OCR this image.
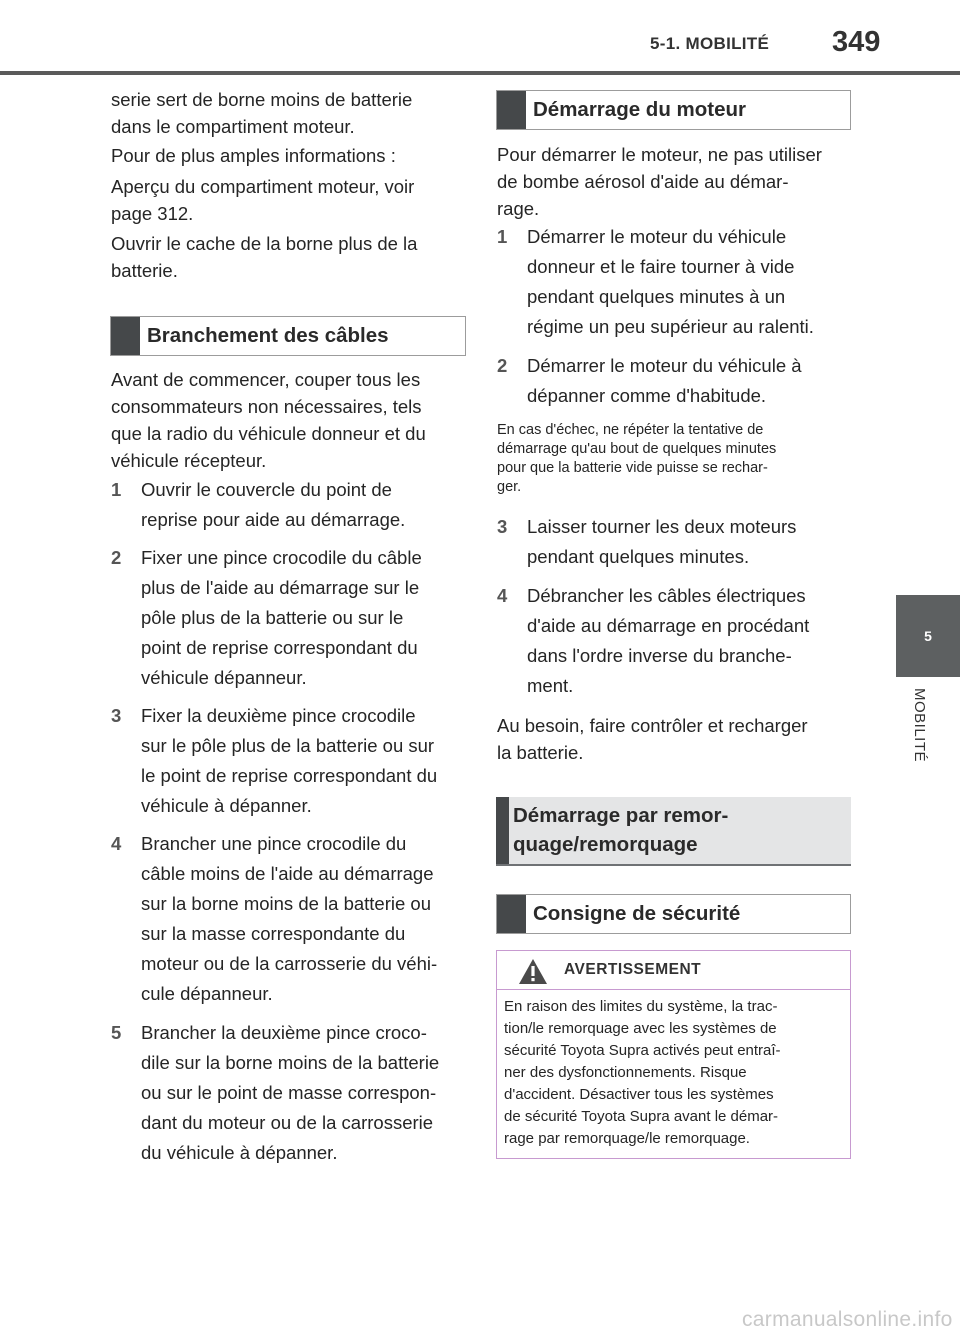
5-1. MOBILITÉ 349
5
MOBILITÉ
serie sert de borne moins de batterie
dans le compartiment moteur.
Pour de plus amples informations :
Aperçu du compartiment moteur, voir
page 312.
Ouvrir le cache de la borne plus de la
batterie.
Branchement des câbles
Avant de commencer, couper tous les
consommateurs non nécessaires, tels
que la radio du véhicule donneur et du
véhicule récepteur.
1 Ouvrir le couvercle du point de
reprise pour aide au démarrage.
2 Fixer une pince crocodile du câble
plus de l'aide au démarrage sur le
pôle plus de la batterie ou sur le
point de reprise correspondant du
véhicule dépanneur.
3 Fixer la deuxième pince crocodile
sur le pôle plus de la batterie ou sur
le point de reprise correspondant du
véhicule à dépanner.
4 Brancher une pince crocodile du
câble moins de l'aide au démarrage
sur la borne moins de la batterie ou
sur la masse correspondante du
moteur ou de la carrosserie du véhi-
cule dépanneur.
5 Brancher la deuxième pince croco-
dile sur la borne moins de la batterie
ou sur le point de masse correspon-
dant du moteur ou de la carrosserie
du véhicule à dépanner.
Démarrage du moteur
Pour démarrer le moteur, ne pas utiliser
de bombe aérosol d'aide au démar-
rage.
1 Démarrer le moteur du véhicule
donneur et le faire tourner à vide
pendant quelques minutes à un
régime un peu supérieur au ralenti.
2 Démarrer le moteur du véhicule à
dépanner comme d'habitude.
En cas d'échec, ne répéter la tentative de
démarrage qu'au bout de quelques minutes
pour que la batterie vide puisse se rechar-
ger.
3 Laisser tourner les deux moteurs
pendant quelques minutes.
4 Débrancher les câbles électriques
d'aide au démarrage en procédant
dans l'ordre inverse du branche-
ment.
Au besoin, faire contrôler et recharger
la batterie.
Démarrage par remor-
quage/remorquage
Consigne de sécurité
AVERTISSEMENT
En raison des limites du système, la trac-
tion/le remorquage avec les systèmes de
sécurité Toyota Supra activés peut entraî-
ner des dysfonctionnements. Risque
d'accident. Désactiver tous les systèmes
de sécurité Toyota Supra avant le démar-
rage par remorquage/le remorquage.
carmanualsonline.info
